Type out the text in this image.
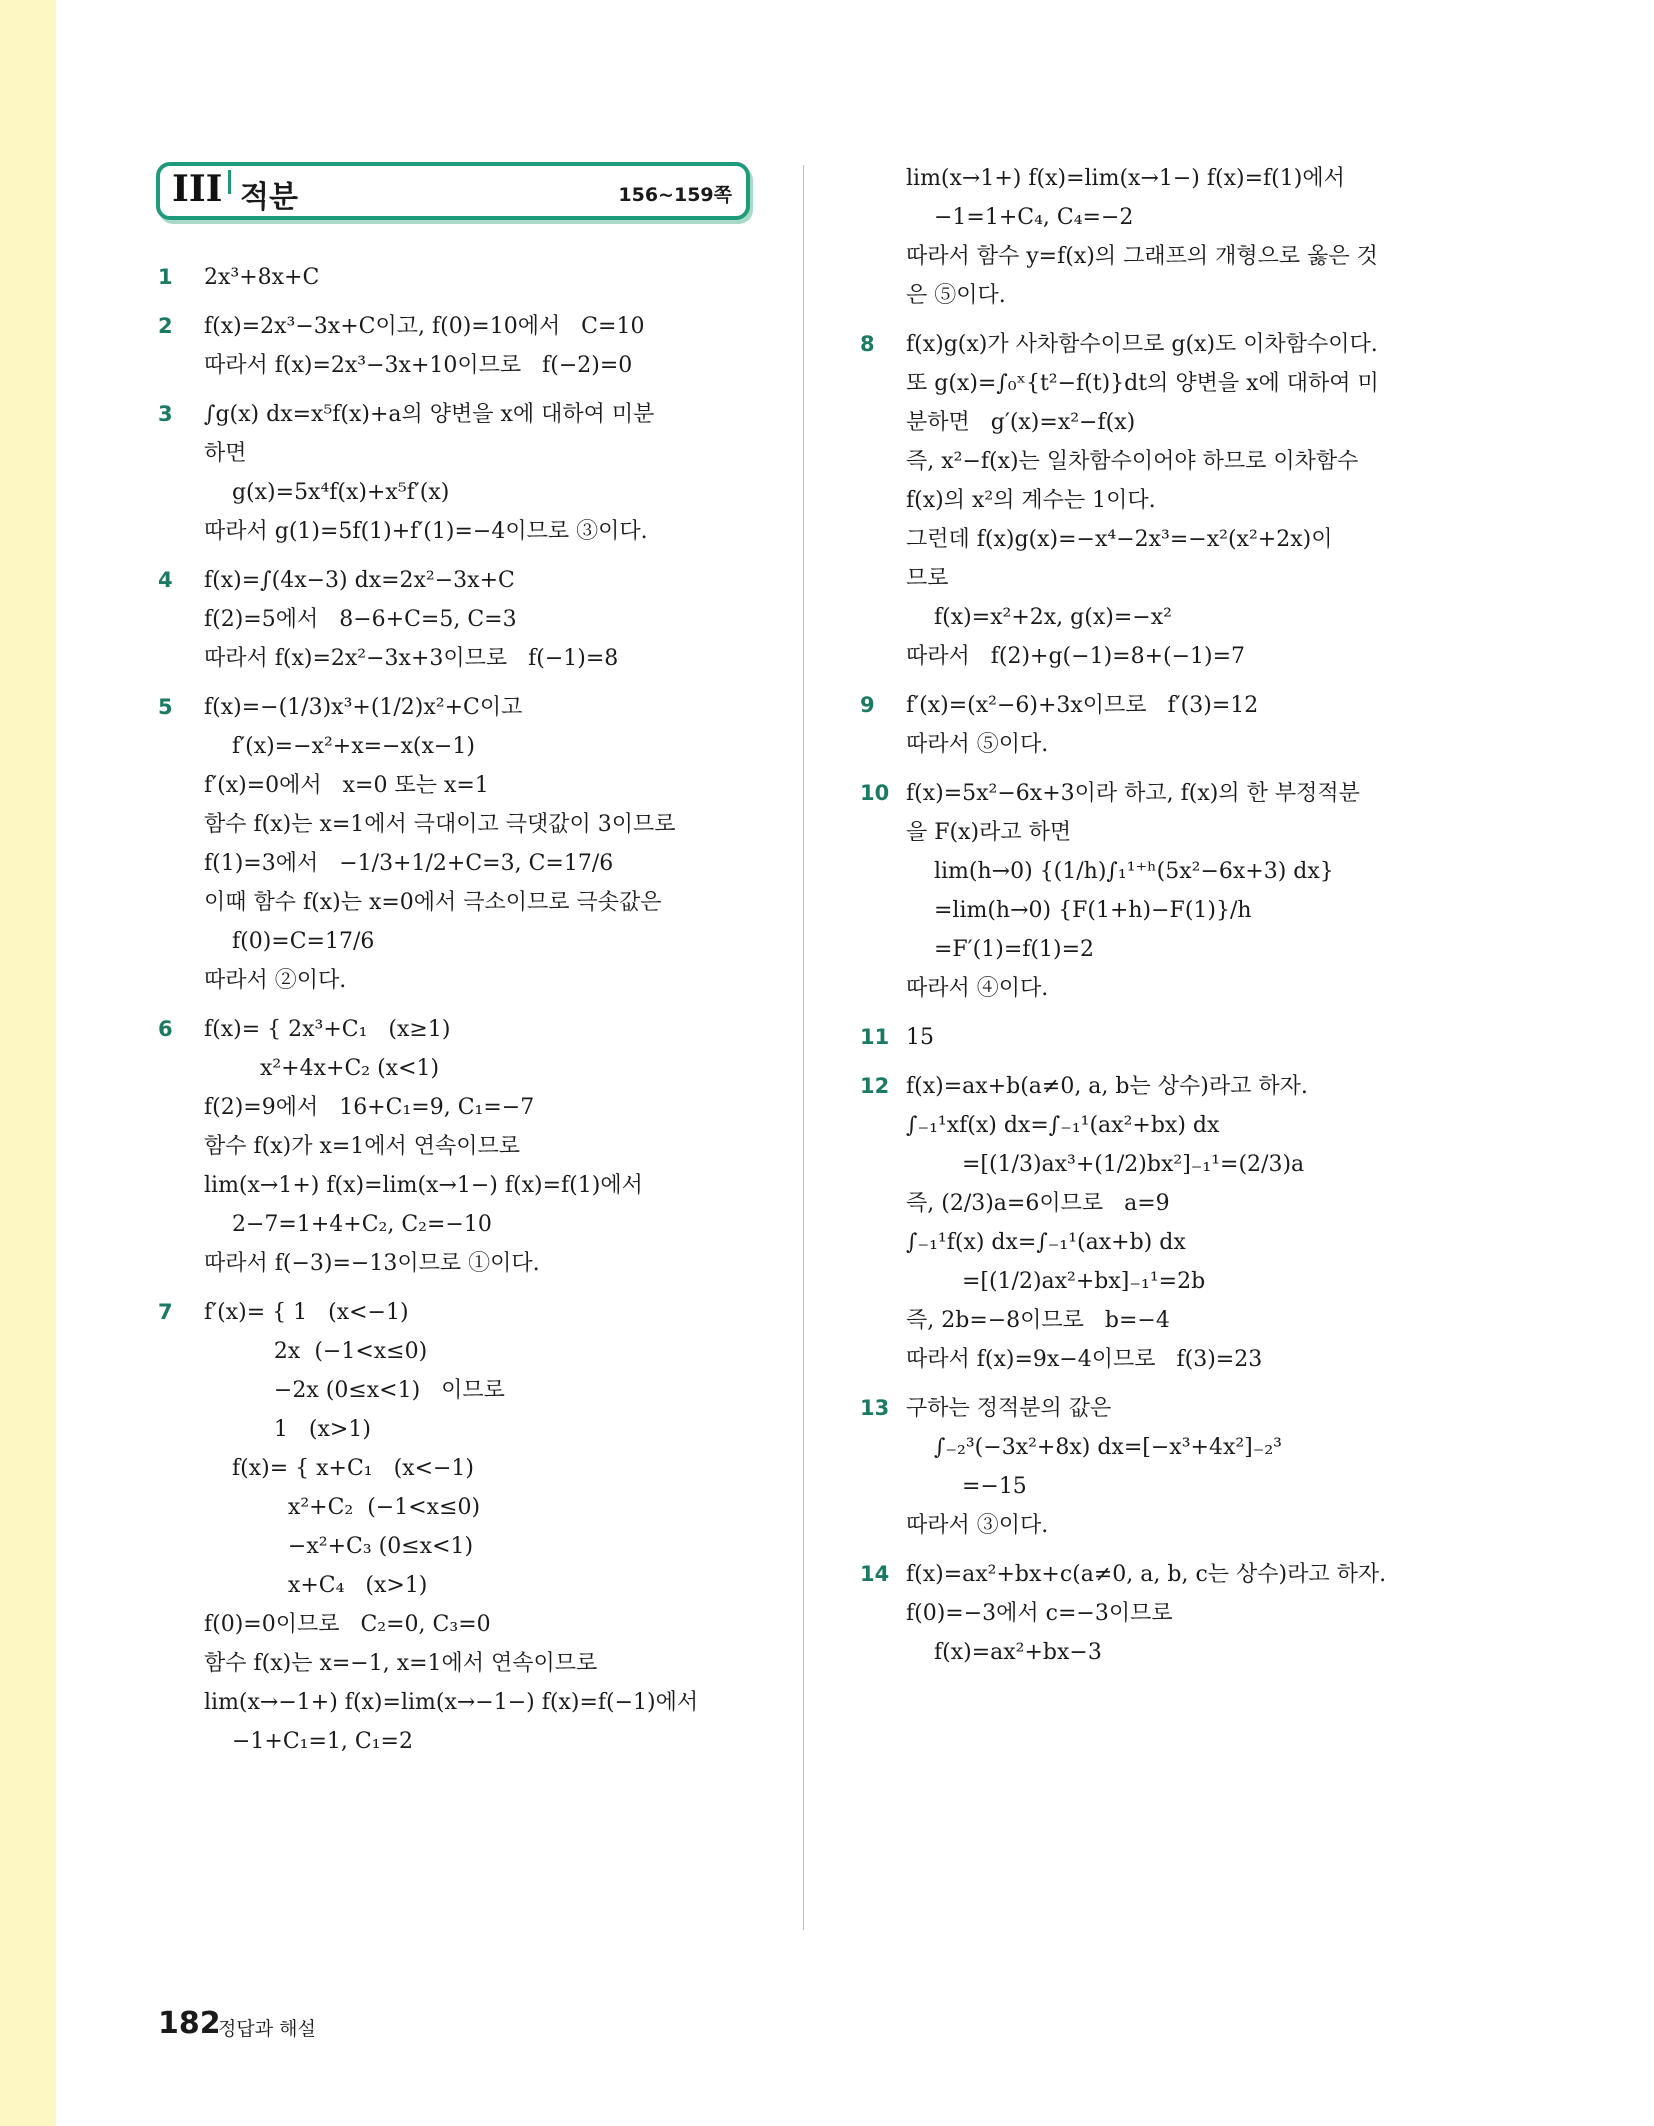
III 적분	156~159쪽
1 2x³+8x+C
2 f(x)=2x³−3x+C이고, f(0)=10에서   C=10
따라서 f(x)=2x³−3x+10이므로   f(−2)=0
3 ∫g(x) dx=x⁵f(x)+a의 양변을 x에 대하여 미분
하면
g(x)=5x⁴f(x)+x⁵f′(x)
따라서 g(1)=5f(1)+f′(1)=−4이므로 ③이다.
4 f(x)=∫(4x−3) dx=2x²−3x+C
f(2)=5에서   8−6+C=5, C=3
따라서 f(x)=2x²−3x+3이므로   f(−1)=8
5 f(x)=−(1/3)x³+(1/2)x²+C이고
f′(x)=−x²+x=−x(x−1)
f′(x)=0에서   x=0 또는 x=1
함수 f(x)는 x=1에서 극대이고 극댓값이 3이므로
f(1)=3에서   −1/3+1/2+C=3, C=17/6
이때 함수 f(x)는 x=0에서 극소이므로 극솟값은
f(0)=C=17/6
따라서 ②이다.
6 f(x)= { 2x³+C₁   (x≥1)
x²+4x+C₂ (x<1)
f(2)=9에서   16+C₁=9, C₁=−7
함수 f(x)가 x=1에서 연속이므로
lim(x→1+) f(x)=lim(x→1−) f(x)=f(1)에서
2−7=1+4+C₂, C₂=−10
따라서 f(−3)=−13이므로 ①이다.
7 f′(x)= { 1   (x<−1)
2x  (−1<x≤0)
−2x (0≤x<1)   이므로
1   (x>1)
f(x)= { x+C₁   (x<−1)
x²+C₂  (−1<x≤0)
−x²+C₃ (0≤x<1)
x+C₄   (x>1)
f(0)=0이므로   C₂=0, C₃=0
함수 f(x)는 x=−1, x=1에서 연속이므로
lim(x→−1+) f(x)=lim(x→−1−) f(x)=f(−1)에서
−1+C₁=1, C₁=2
lim(x→1+) f(x)=lim(x→1−) f(x)=f(1)에서
−1=1+C₄, C₄=−2
따라서 함수 y=f(x)의 그래프의 개형으로 옳은 것
은 ⑤이다.
8 f(x)g(x)가 사차함수이므로 g(x)도 이차함수이다.
또 g(x)=∫₀ˣ{t²−f(t)}dt의 양변을 x에 대하여 미
분하면   g′(x)=x²−f(x)
즉, x²−f(x)는 일차함수이어야 하므로 이차함수
f(x)의 x²의 계수는 1이다.
그런데 f(x)g(x)=−x⁴−2x³=−x²(x²+2x)이
므로
f(x)=x²+2x, g(x)=−x²
따라서   f(2)+g(−1)=8+(−1)=7
9 f′(x)=(x²−6)+3x이므로   f′(3)=12
따라서 ⑤이다.
10 f(x)=5x²−6x+3이라 하고, f(x)의 한 부정적분
을 F(x)라고 하면
lim(h→0) {(1/h)∫₁¹⁺ʰ(5x²−6x+3) dx}
=lim(h→0) {F(1+h)−F(1)}/h
=F′(1)=f(1)=2
따라서 ④이다.
11 15
12 f(x)=ax+b(a≠0, a, b는 상수)라고 하자.
∫₋₁¹xf(x) dx=∫₋₁¹(ax²+bx) dx
=[(1/3)ax³+(1/2)bx²]₋₁¹=(2/3)a
즉, (2/3)a=6이므로   a=9
∫₋₁¹f(x) dx=∫₋₁¹(ax+b) dx
=[(1/2)ax²+bx]₋₁¹=2b
즉, 2b=−8이므로   b=−4
따라서 f(x)=9x−4이므로   f(3)=23
13 구하는 정적분의 값은
∫₋₂³(−3x²+8x) dx=[−x³+4x²]₋₂³
=−15
따라서 ③이다.
14 f(x)=ax²+bx+c(a≠0, a, b, c는 상수)라고 하자.
f(0)=−3에서 c=−3이므로
f(x)=ax²+bx−3
182
정답과 해설
